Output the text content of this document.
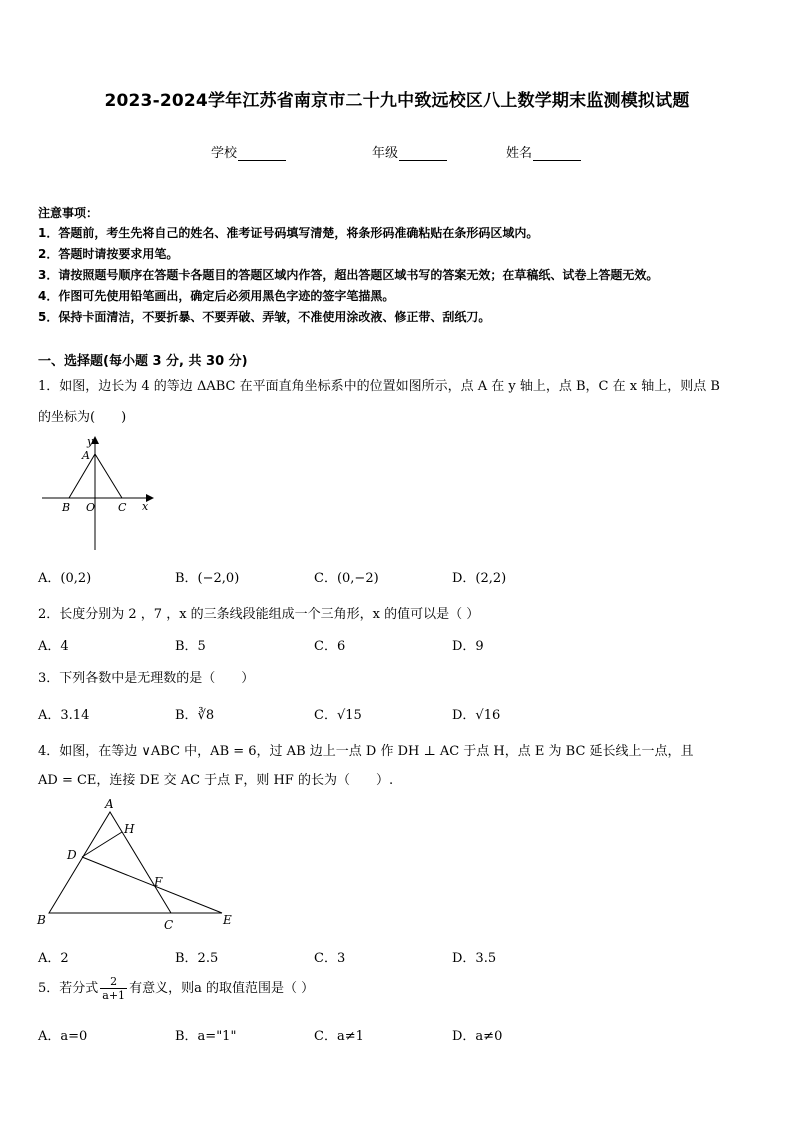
2023-2024学年江苏省南京市二十九中致远校区八上数学期末监测模拟试题
学校	年级	姓名
注意事项：
1．答题前，考生先将自己的姓名、准考证号码填写清楚，将条形码准确粘贴在条形码区域内。
2．答题时请按要求用笔。
3．请按照题号顺序在答题卡各题目的答题区域内作答，超出答题区域书写的答案无效；在草稿纸、试卷上答题无效。
4．作图可先使用铅笔画出，确定后必须用黑色字迹的签字笔描黑。
5．保持卡面清洁，不要折暴、不要弄破、弄皱，不准使用涂改液、修正带、刮纸刀。
一、选择题(每小题 3 分, 共 30 分)
1．如图，边长为 4 的等边 ΔABC 在平面直角坐标系中的位置如图所示，点 A 在 y 轴上，点 B，C 在 x 轴上，则点 B
的坐标为(　　)
y
A
B O C x
A．(0,2)	B．(−2,0)	C．(0,−2)	D．(2,2)
2．长度分别为 2 ，7 ，x 的三条线段能组成一个三角形，x 的值可以是（ ）
A．4	B．5	C．6	D．9
3．下列各数中是无理数的是（　　）
A．3.14	B．∛8	C．√15	D．√16
4．如图，在等边 ∨ABC 中，AB = 6，过 AB 边上一点 D 作 DH ⊥ AC 于点 H，点 E 为 BC 延长线上一点，且
AD = CE，连接 DE 交 AC 于点 F，则 HF 的长为（　　）.
A
H
D
F
B	C	E
A．2	B．2.5	C．3	D．3.5
5．若分式 $\frac{2}{a+1}$ 有意义，则a 的取值范围是（ ）
A．a=0	B．a="1"	C．a≠1	D．a≠0
